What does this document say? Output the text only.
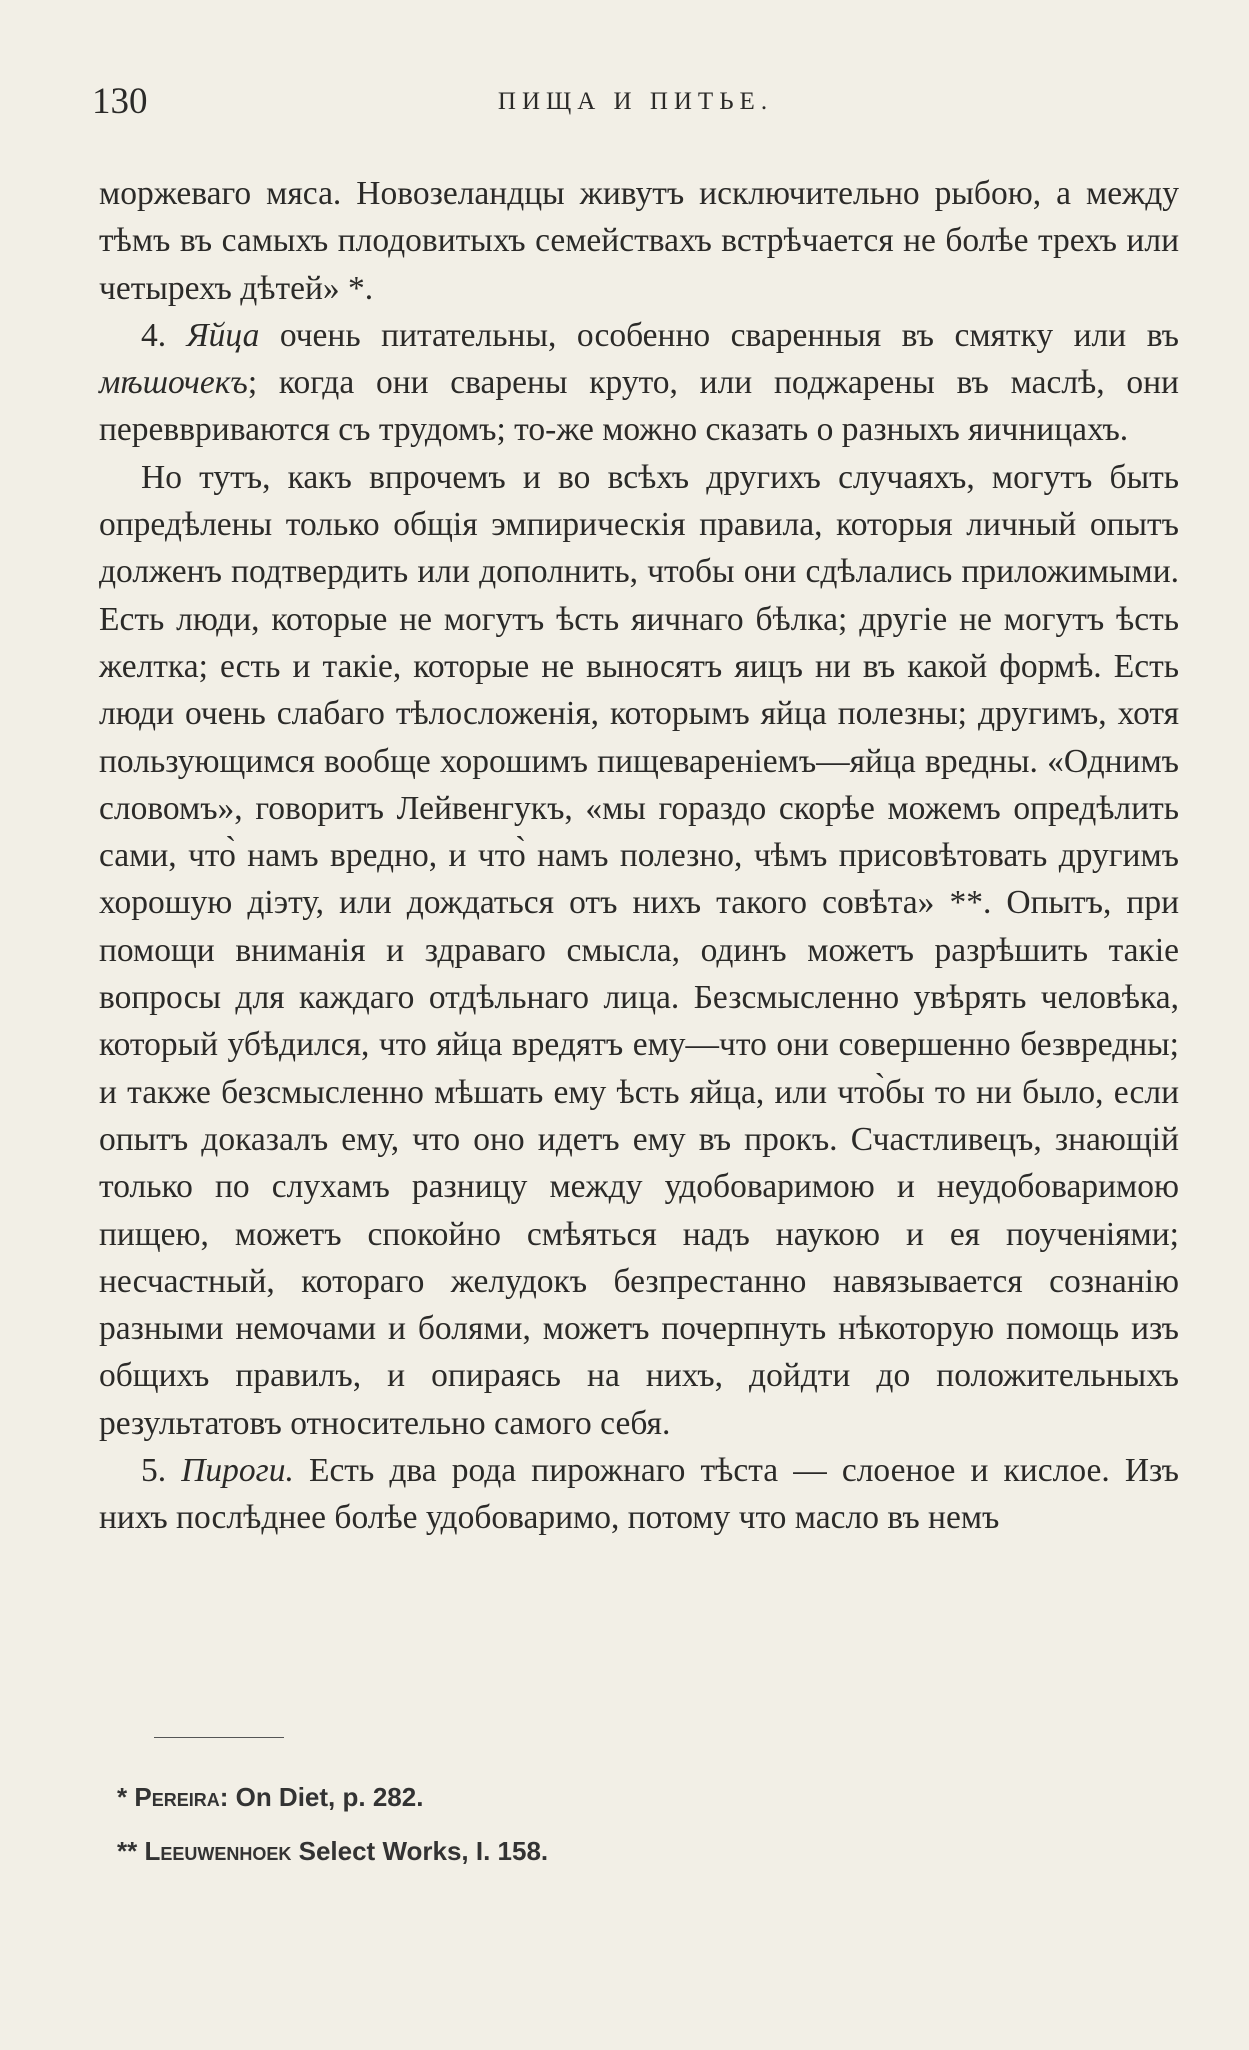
130	ПИЩА И ПИТЬЕ.

моржеваго мяса. Новозеландцы живутъ исключительно рыбою, а между тѣмъ въ самыхъ плодовитыхъ семействахъ встрѣчается не болѣе трехъ или четырехъ дѣтей» *.

4. Яйца очень питательны, особенно сваренныя въ смятку или въ мѣшочекъ; когда они сварены круто, или поджарены въ маслѣ, они переввриваются съ трудомъ; то-же можно сказать о разныхъ яичницахъ.

Но тутъ, какъ впрочемъ и во всѣхъ другихъ случаяхъ, могутъ быть опредѣлены только общія эмпирическія правила, которыя личный опытъ долженъ подтвердить или дополнить, чтобы они сдѣлались приложимыми. Есть люди, которые не могутъ ѣсть яичнаго бѣлка; другіе не могутъ ѣсть желтка; есть и такіе, которые не выносятъ яицъ ни въ какой формѣ. Есть люди очень слабаго тѣлосложенія, которымъ яйца полезны; другимъ, хотя пользующимся вообще хорошимъ пищевареніемъ—яйца вредны. «Однимъ словомъ», говоритъ Лейвенгукъ, «мы гораздо скорѣе можемъ опредѣлить сами, что̀ намъ вредно, и что̀ намъ полезно, чѣмъ присовѣтовать другимъ хорошую діэту, или дождаться отъ нихъ такого совѣта» **. Опытъ, при помощи вниманія и здраваго смысла, одинъ можетъ разрѣшить такіе вопросы для каждаго отдѣльнаго лица. Безсмысленно увѣрять человѣка, который убѣдился, что яйца вредятъ ему—что они совершенно безвредны; и также безсмысленно мѣшать ему ѣсть яйца, или что̀бы то ни было, если опытъ доказалъ ему, что оно идетъ ему въ прокъ. Счастливецъ, знающій только по слухамъ разницу между удобоваримою и неудобоваримою пищею, можетъ спокойно смѣяться надъ наукою и ея поученіями; несчастный, котораго желудокъ безпрестанно навязывается сознанію разными немочами и болями, можетъ почерпнуть нѣкоторую помощь изъ общихъ правилъ, и опираясь на нихъ, дойдти до положительныхъ результатовъ относительно самого себя.

5. Пироги. Есть два рода пирожнаго тѣста — слоеное и кислое. Изъ нихъ послѣднее болѣе удобоваримо, потому что масло въ немъ

* Pereira: On Diet, p. 282.
** Leeuwenhoek Select Works, I. 158.
